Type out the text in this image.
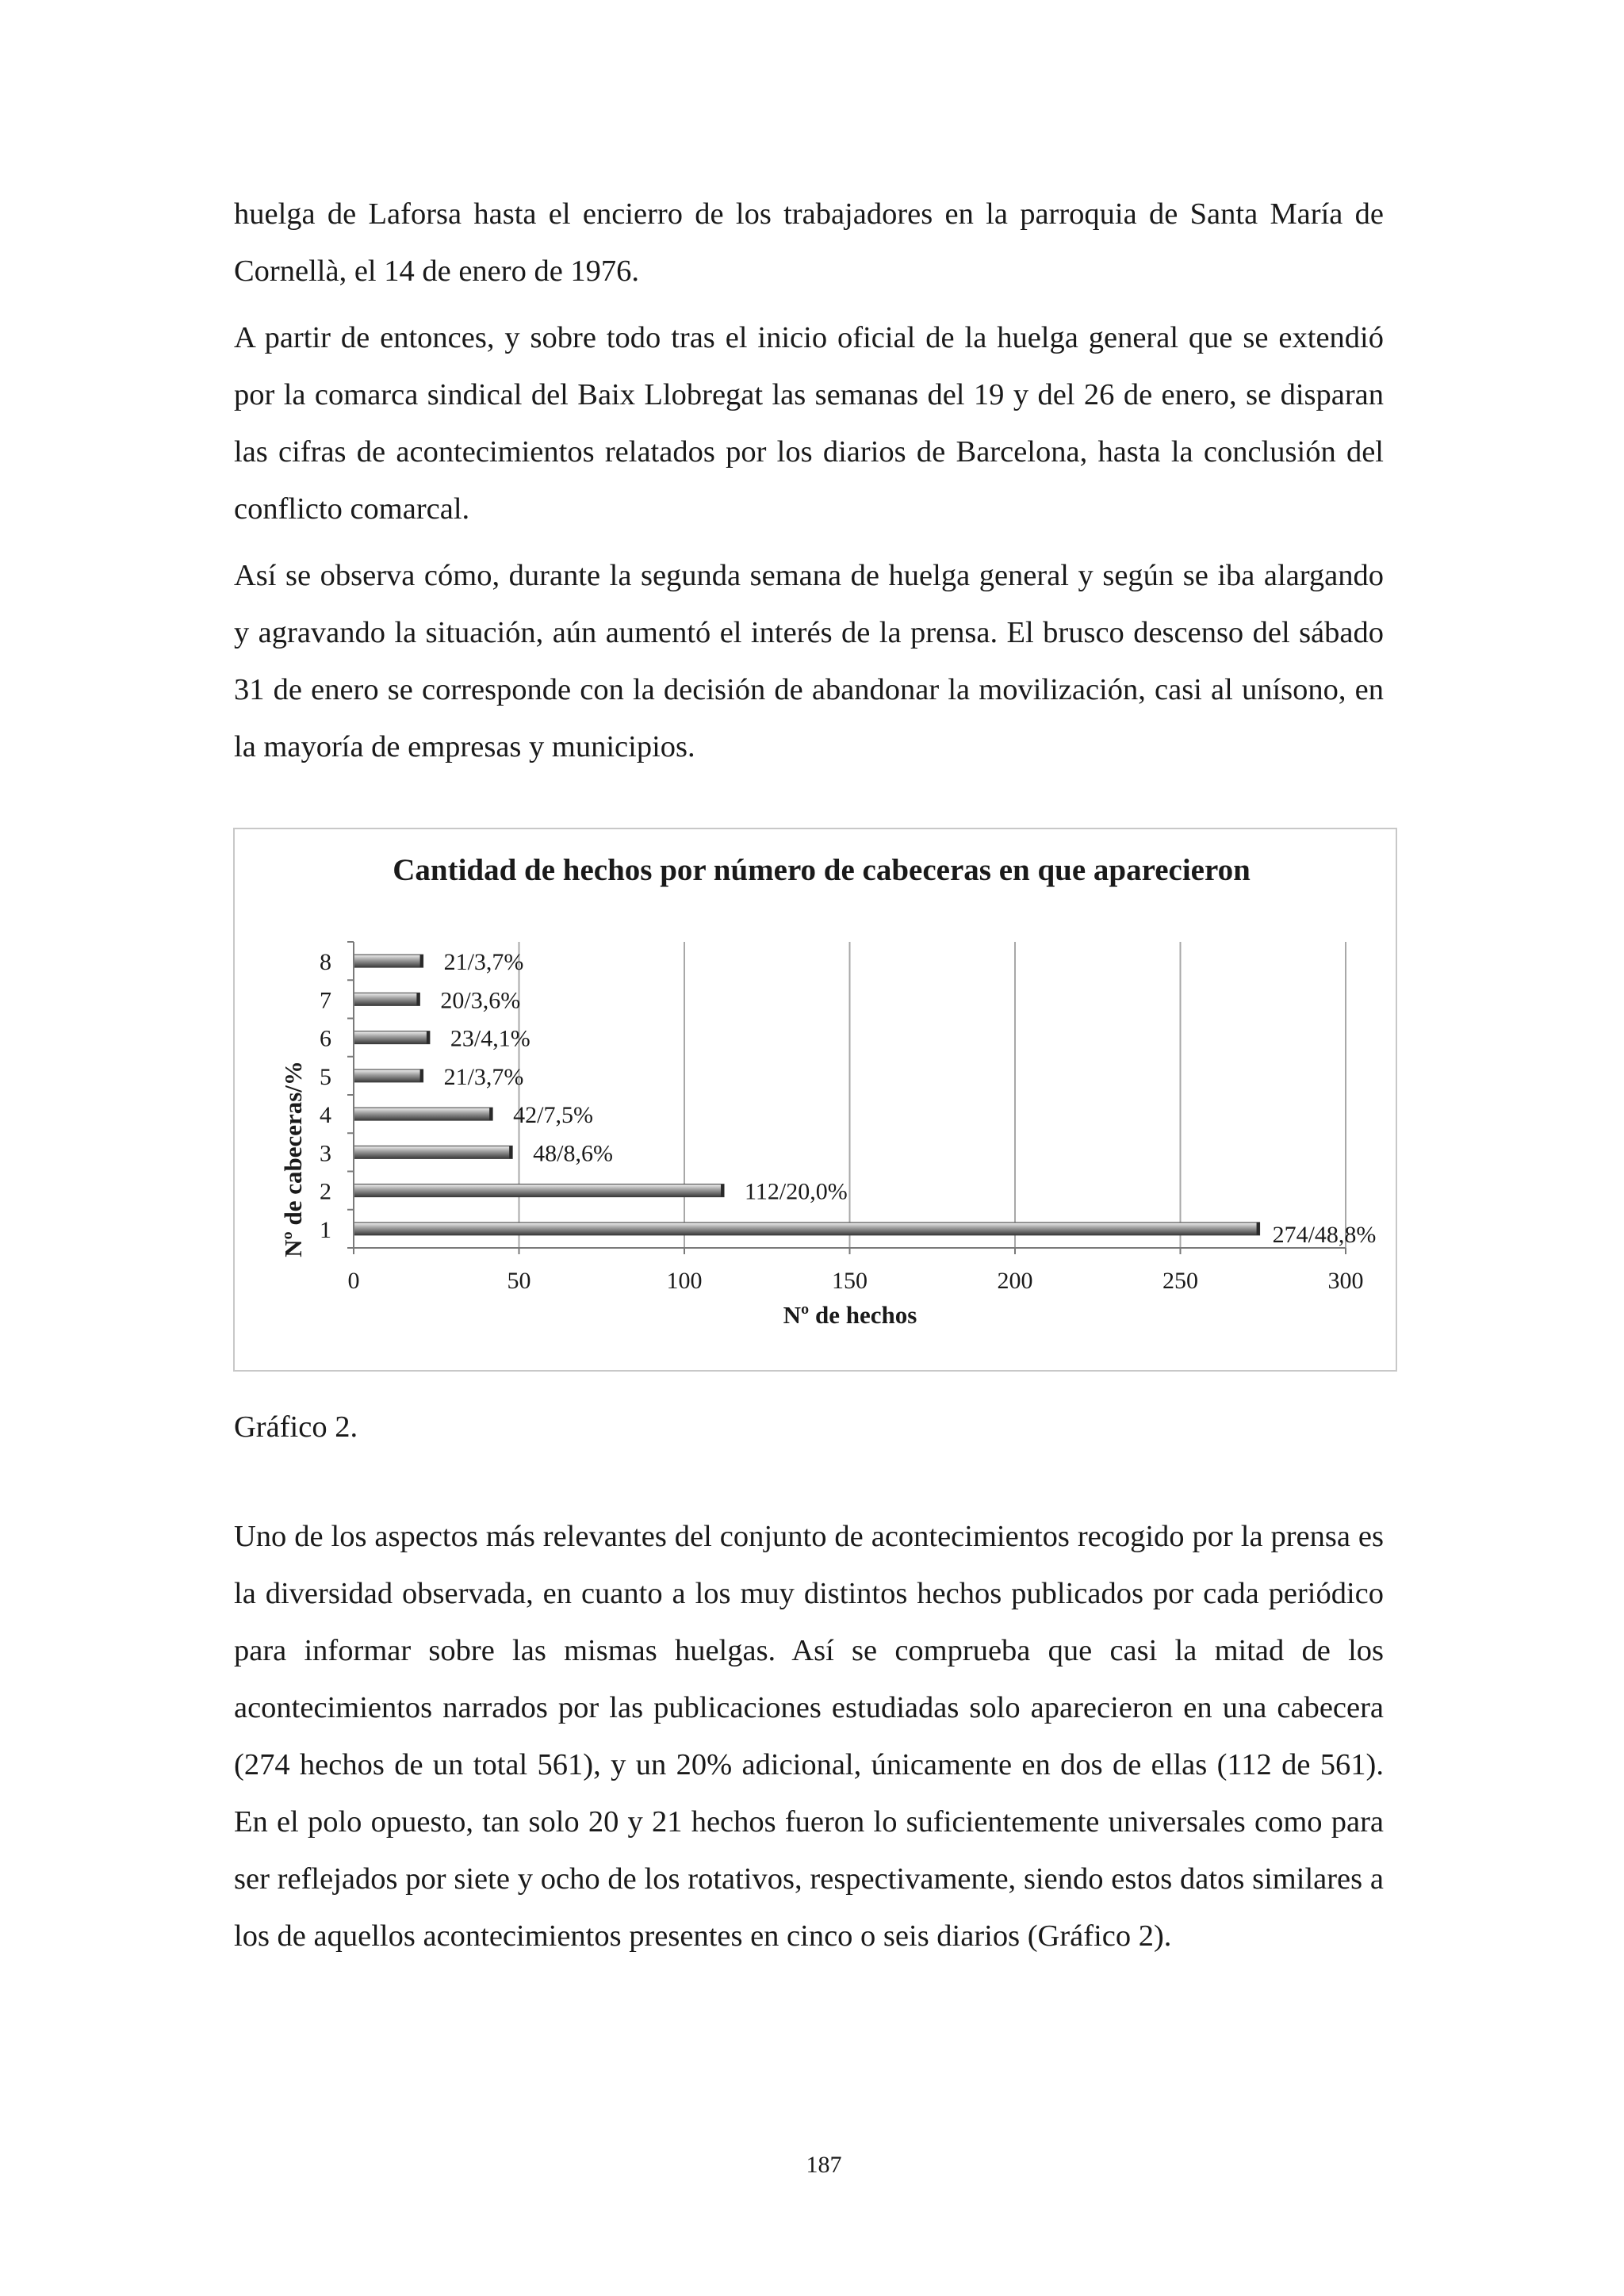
huelga de Laforsa hasta el encierro de los trabajadores en la parroquia de Santa María de Cornellà, el 14 de enero de 1976.

A partir de entonces, y sobre todo tras el inicio oficial de la huelga general que se extendió por la comarca sindical del Baix Llobregat las semanas del 19 y del 26 de enero, se disparan las cifras de acontecimientos relatados por los diarios de Barcelona, hasta la conclusión del conflicto comarcal.

Así se observa cómo, durante la segunda semana de huelga general y según se iba alargando y agravando la situación, aún aumentó el interés de la prensa. El brusco descenso del sábado 31 de enero se corresponde con la decisión de abandonar la movilización, casi al unísono, en la mayoría de empresas y municipios.

Cantidad de hechos por número de cabeceras en que aparecieron
Nº de cabeceras/%
Nº de hechos
0	50	100	150	200	250	300
1
2
3
4
5
6
7
8
274/48,8%
112/20,0%
48/8,6%
42/7,5%
21/3,7%
23/4,1%
20/3,6%
21/3,7%
Gráfico 2.

Uno de los aspectos más relevantes del conjunto de acontecimientos recogido por la prensa es la diversidad observada, en cuanto a los muy distintos hechos publicados por cada periódico para informar sobre las mismas huelgas. Así se comprueba que casi la mitad de los acontecimientos narrados por las publicaciones estudiadas solo aparecieron en una cabecera (274 hechos de un total 561), y un 20% adicional, únicamente en dos de ellas (112 de 561). En el polo opuesto, tan solo 20 y 21 hechos fueron lo suficientemente universales como para ser reflejados por siete y ocho de los rotativos, respectivamente, siendo estos datos similares a los de aquellos acontecimientos presentes en cinco o seis diarios (Gráfico 2).

187
